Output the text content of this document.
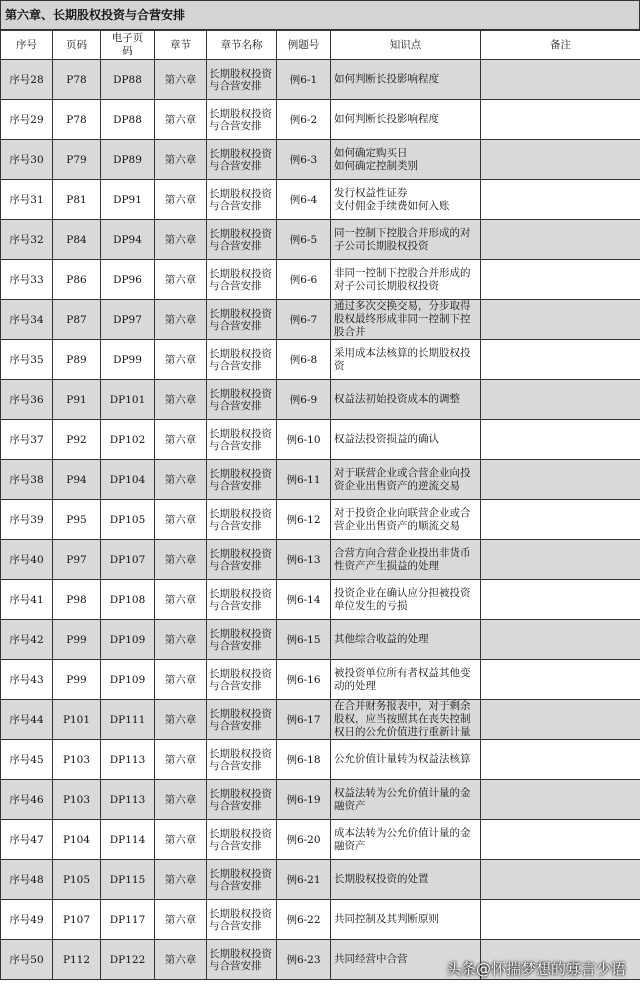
第六章、长期股权投资与合营安排
序号	页码	电子页码	章节	章节名称	例题号	知识点	备注
序号28	P78	DP88	第六章	长期股权投资与合营安排	例6-1	如何判断长投影响程度	
序号29	P78	DP88	第六章	长期股权投资与合营安排	例6-2	如何判断长投影响程度	
序号30	P79	DP89	第六章	长期股权投资与合营安排	例6-3	如何确定购买日
如何确定控制类别	
序号31	P81	DP91	第六章	长期股权投资与合营安排	例6-4	发行权益性证券
支付佣金手续费如何入账	
序号32	P84	DP94	第六章	长期股权投资与合营安排	例6-5	同一控制下控股合并形成的对子公司长期股权投资	
序号33	P86	DP96	第六章	长期股权投资与合营安排	例6-6	非同一控制下控股合并形成的对子公司长期股权投资	
序号34	P87	DP97	第六章	长期股权投资与合营安排	例6-7	通过多次交换交易，分步取得股权最终形成非同一控制下控股合并	
序号35	P89	DP99	第六章	长期股权投资与合营安排	例6-8	采用成本法核算的长期股权投资	
序号36	P91	DP101	第六章	长期股权投资与合营安排	例6-9	权益法初始投资成本的调整	
序号37	P92	DP102	第六章	长期股权投资与合营安排	例6-10	权益法投资损益的确认	
序号38	P94	DP104	第六章	长期股权投资与合营安排	例6-11	对于联营企业或合营企业向投资企业出售资产的逆流交易	
序号39	P95	DP105	第六章	长期股权投资与合营安排	例6-12	对于投资企业向联营企业或合营企业出售资产的顺流交易	
序号40	P97	DP107	第六章	长期股权投资与合营安排	例6-13	合营方向合营企业投出非货币性资产产生损益的处理	
序号41	P98	DP108	第六章	长期股权投资与合营安排	例6-14	投资企业在确认应分担被投资单位发生的亏损	
序号42	P99	DP109	第六章	长期股权投资与合营安排	例6-15	其他综合收益的处理	
序号43	P99	DP109	第六章	长期股权投资与合营安排	例6-16	被投资单位所有者权益其他变动的处理	
序号44	P101	DP111	第六章	长期股权投资与合营安排	例6-17	在合并财务报表中，对于剩余股权，应当按照其在丧失控制权日的公允价值进行重新计量	
序号45	P103	DP113	第六章	长期股权投资与合营安排	例6-18	公允价值计量转为权益法核算	
序号46	P103	DP113	第六章	长期股权投资与合营安排	例6-19	权益法转为公允价值计量的金融资产	
序号47	P104	DP114	第六章	长期股权投资与合营安排	例6-20	成本法转为公允价值计量的金融资产	
序号48	P105	DP115	第六章	长期股权投资与合营安排	例6-21	长期股权投资的处置	
序号49	P107	DP117	第六章	长期股权投资与合营安排	例6-22	共同控制及其判断原则	
序号50	P112	DP122	第六章	长期股权投资与合营安排	例6-23	共同经营中合营	
头条@怀揣梦想的寡言少语
